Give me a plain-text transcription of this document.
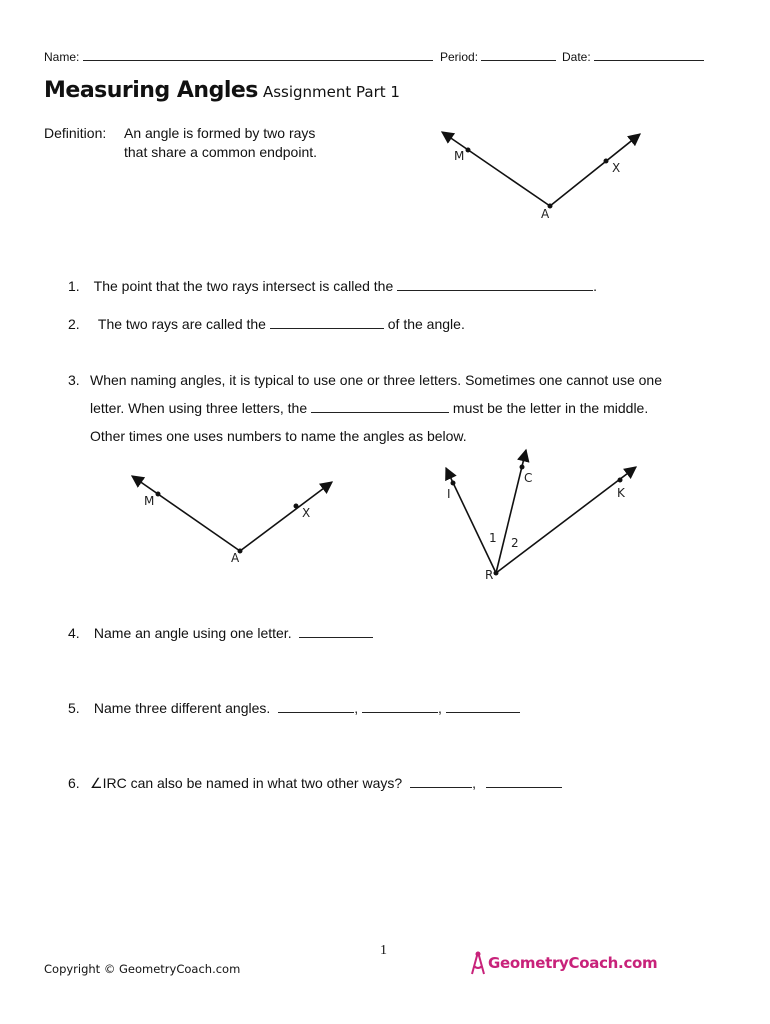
Name:	Period:	Date:
Measuring Angles Assignment Part 1
Definition: An angle is formed by two rays
that share a common endpoint.	M
X
A
1. The point that the two rays intersect is called the	.
2. The two rays are called the	of the angle.
3. When naming angles, it is typical to use one or three letters. Sometimes one cannot use one
letter. When using three letters, the	must be the letter in the middle.
Other times one uses numbers to name the angles as below.
M
X
A
I
C
K
R
1 2
4. Name an angle using one letter.
5. Name three different angles.	,	,
6. ∠IRC can also be named in what two other ways?	,
1
Copyright © GeometryCoach.com	GeometryCoach.com
